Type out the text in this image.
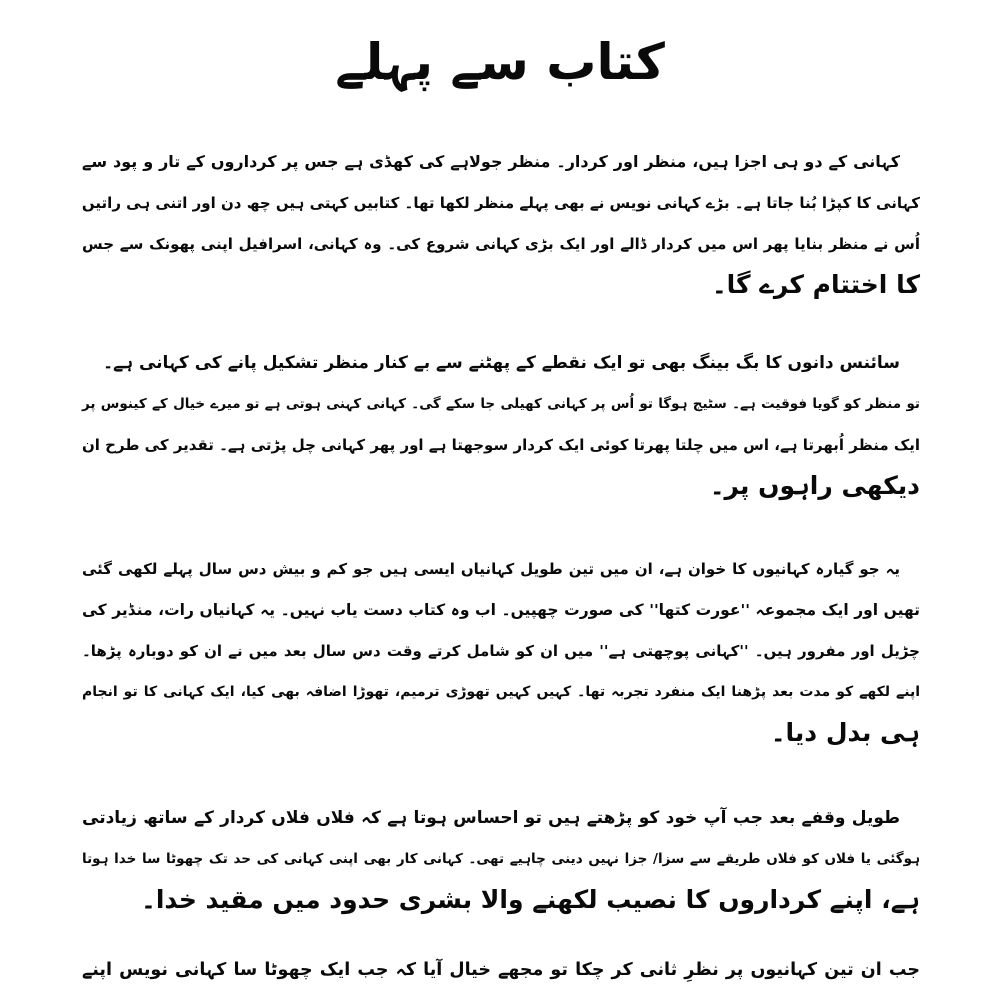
کتاب سے پہلے
کہانی کے دو ہی اجزا ہیں، منظر اور کردار۔ منظر جولاہے کی کھڈی ہے جس پر کرداروں کے تار و پود سے
کہانی کا کپڑا بُنا جاتا ہے۔ بڑے کہانی نویس نے بھی پہلے منظر لکھا تھا۔ کتابیں کہتی ہیں چھ دن اور اتنی ہی راتیں
اُس نے منظر بنایا پھر اس میں کردار ڈالے اور ایک بڑی کہانی شروع کی۔ وہ کہانی، اسرافیل اپنی پھونک سے جس
کا اختتام کرے گا۔
سائنس دانوں کا بگ بینگ بھی تو ایک نقطے کے پھٹنے سے بے کنار منظر تشکیل پانے کی کہانی ہے۔
تو منظر کو گویا فوقیت ہے۔ سٹیج ہوگا تو اُس پر کہانی کھیلی جا سکے گی۔ کہانی کہنی ہوتی ہے تو میرے خیال کے کینوس پر
ایک منظر اُبھرتا ہے، اس میں چلتا پھرتا کوئی ایک کردار سوجھتا ہے اور پھر کہانی چل پڑتی ہے۔ تقدیر کی طرح ان
دیکھی راہوں پر۔
یہ جو گیارہ کہانیوں کا خوان ہے، ان میں تین طویل کہانیاں ایسی ہیں جو کم و بیش دس سال پہلے لکھی گئی
تھیں اور ایک مجموعہ ''عورت کتھا'' کی صورت چھپیں۔ اب وہ کتاب دست یاب نہیں۔ یہ کہانیاں رات، منڈیر کی
چڑیل اور مفرور ہیں۔ ''کہانی پوچھتی ہے'' میں ان کو شامل کرتے وقت دس سال بعد میں نے ان کو دوبارہ پڑھا۔
اپنے لکھے کو مدت بعد پڑھنا ایک منفرد تجربہ تھا۔ کہیں کہیں تھوڑی ترمیم، تھوڑا اضافہ بھی کیا، ایک کہانی کا تو انجام
ہی بدل دیا۔
طویل وقفے بعد جب آپ خود کو پڑھتے ہیں تو احساس ہوتا ہے کہ فلاں فلاں کردار کے ساتھ زیادتی
ہوگئی یا فلاں کو فلاں طریقے سے سزا/ جزا نہیں دینی چاہیے تھی۔ کہانی کار بھی اپنی کہانی کی حد تک چھوٹا سا خدا ہوتا
ہے، اپنے کرداروں کا نصیب لکھنے والا بشری حدود میں مقید خدا۔
جب ان تین کہانیوں پر نظرِ ثانی کر چکا تو مجھے خیال آیا کہ جب ایک چھوٹا سا کہانی نویس اپنے
